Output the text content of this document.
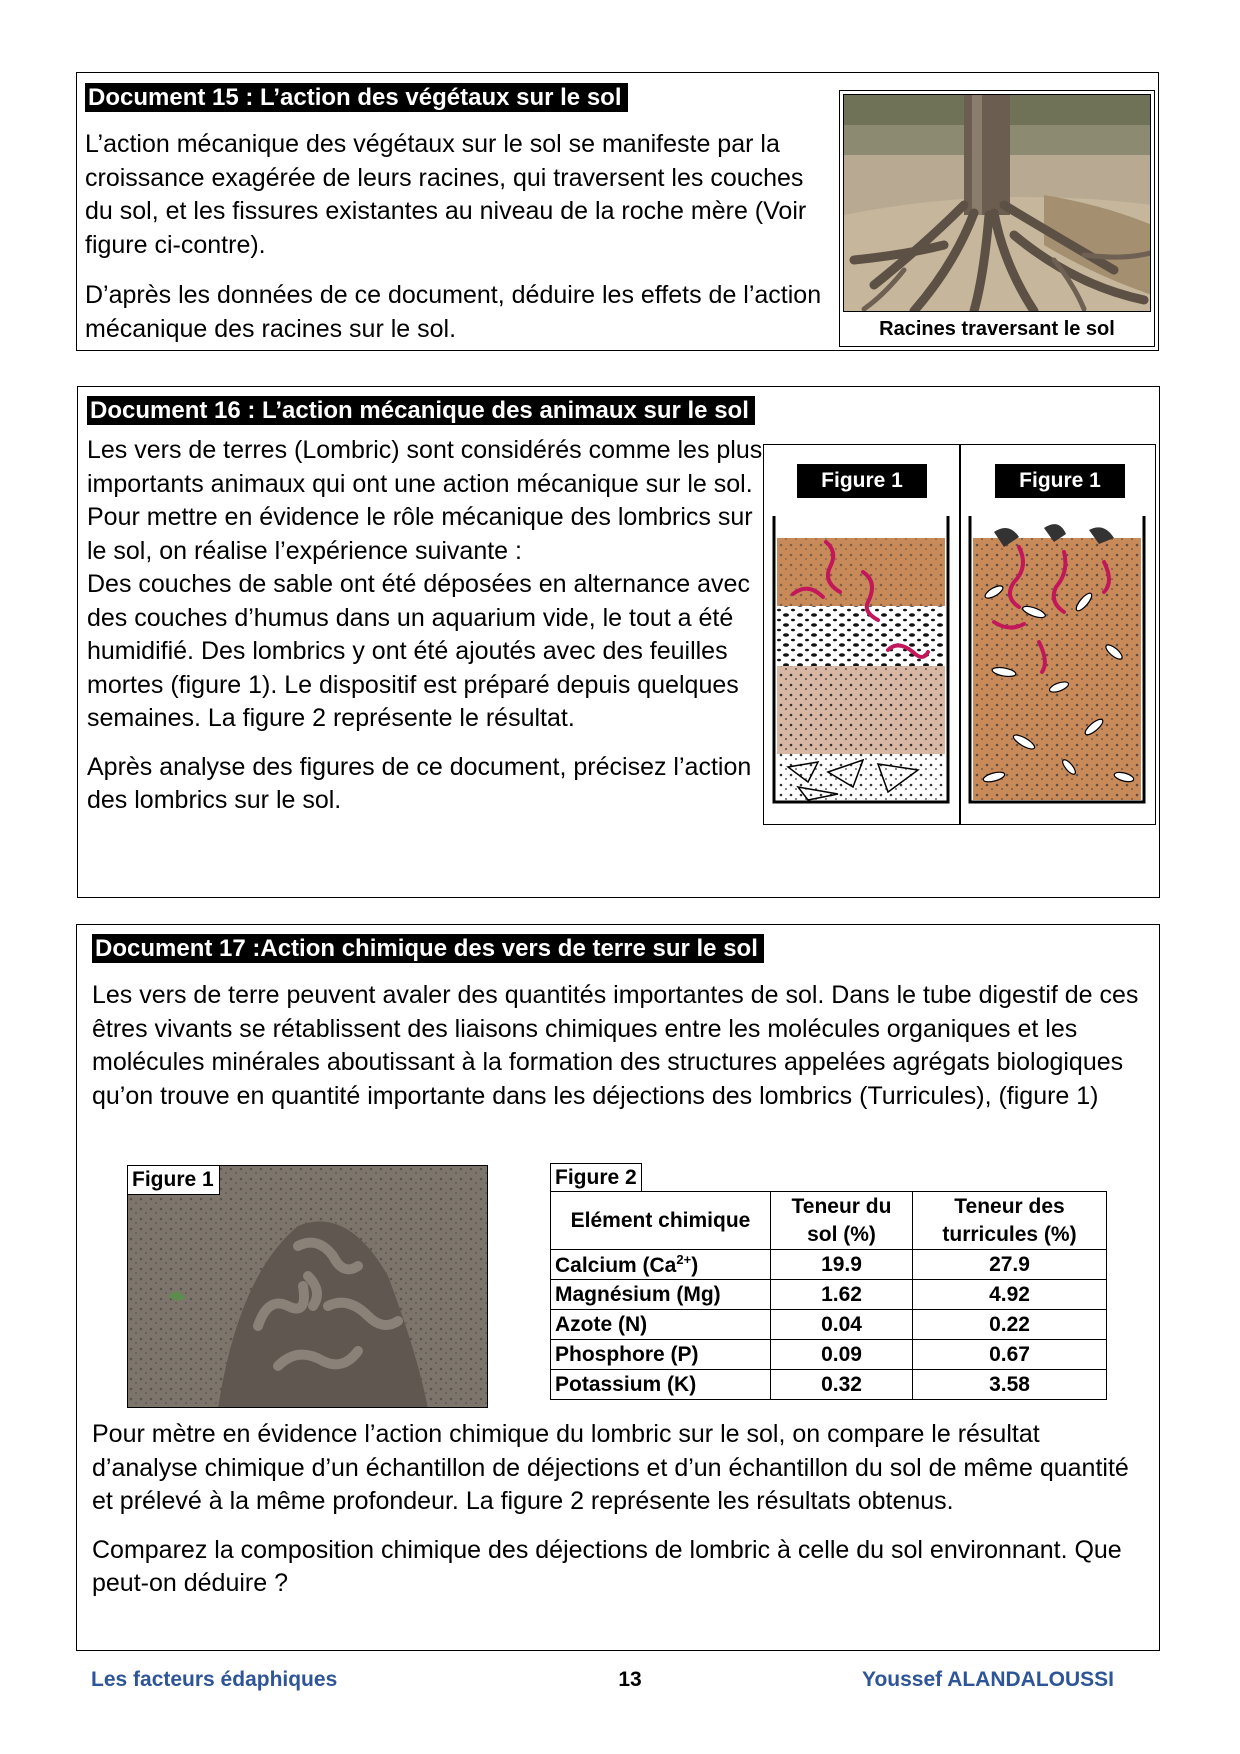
Document 15 : L’action des végétaux sur le sol

L’action mécanique des végétaux sur le sol se manifeste par la croissance exagérée de leurs racines, qui traversent les couches du sol, et les fissures existantes au niveau de la roche mère (Voir figure ci-contre).

D’après les données de ce document, déduire les effets de l’action mécanique des racines sur le sol.	Racines traversant le sol
Document 16 : L’action mécanique des animaux sur le sol

Les vers de terres (Lombric) sont considérés comme les plus importants animaux qui ont une action mécanique sur le sol. Pour mettre en évidence le rôle mécanique des lombrics sur le sol, on réalise l’expérience suivante :

Des couches de sable ont été déposées en alternance avec des couches d’humus dans un aquarium vide, le tout a été humidifié. Des lombrics y ont été ajoutés avec des feuilles mortes (figure 1). Le dispositif est préparé depuis quelques semaines. La figure 2 représente le résultat.

Après analyse des figures de ce document, précisez l’action des lombrics sur le sol.

Figure 1	Figure 1
Document 17 :Action chimique des vers de terre sur le sol
Les vers de terre peuvent avaler des quantités importantes de sol. Dans le tube digestif de ces êtres vivants se rétablissent des liaisons chimiques entre les molécules organiques et les molécules minérales aboutissant à la formation des structures appelées agrégats biologiques qu’on trouve en quantité importante dans les déjections des lombrics (Turricules), (figure 1)
Figure 1	Figure 2
Elément chimique	Teneur du sol (%)	Teneur des turricules (%)
Calcium $(Ca^{2+})$	19.9	27.9
Magnésium (Mg)	1.62	4.92
Azote (N)	0.04	0.22
Phosphore (P)	0.09	0.67
Potassium (K)	0.32	3.58

Pour mètre en évidence l’action chimique du lombric sur le sol, on compare le résultat d’analyse chimique d’un échantillon de déjections et d’un échantillon du sol de même quantité et prélevé à la même profondeur. La figure 2 représente les résultats obtenus.

Comparez la composition chimique des déjections de lombric à celle du sol environnant. Que peut-on déduire ?

Les facteurs édaphiques	13	Youssef ALANDALOUSSI
